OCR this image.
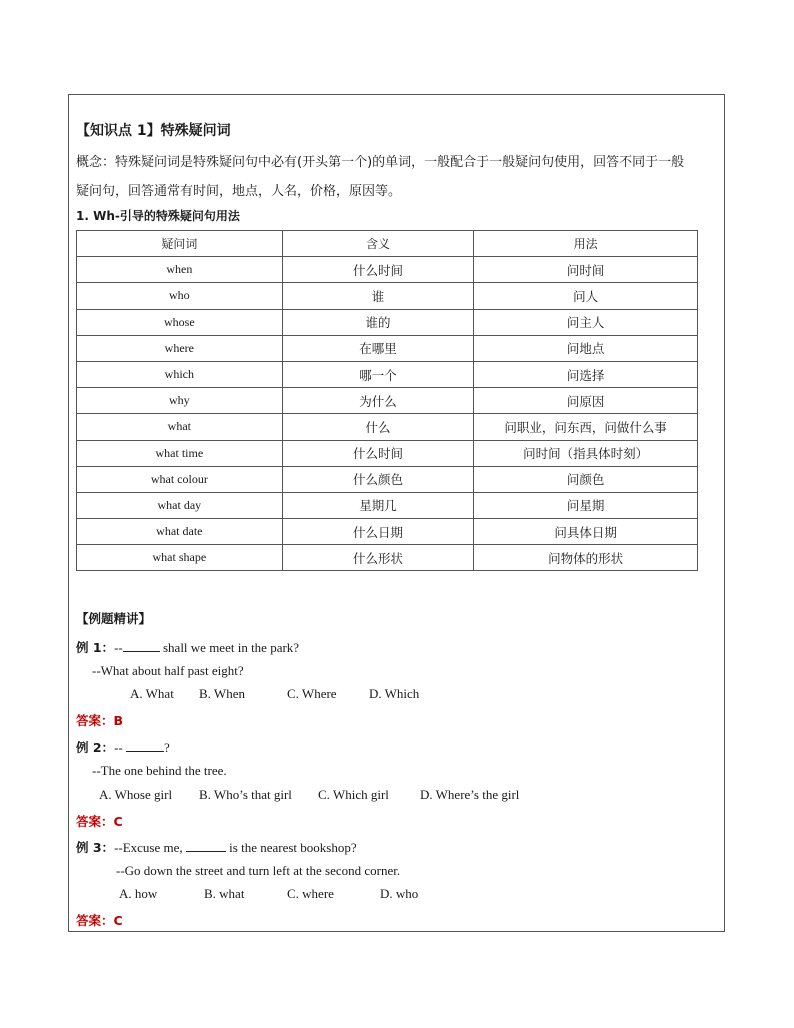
【知识点 1】特殊疑问词
概念：特殊疑问词是特殊疑问句中必有(开头第一个)的单词，一般配合于一般疑问句使用，回答不同于一般
疑问句，回答通常有时间，地点，人名，价格，原因等。
1. Wh-引导的特殊疑问句用法
疑问词	含义	用法
when	什么时间	问时间
who	谁	问人
whose	谁的	问主人
where	在哪里	问地点
which	哪一个	问选择
why	为什么	问原因
what	什么	问职业，问东西，问做什么事
what time	什么时间	问时间（指具体时刻）
what colour	什么颜色	问颜色
what day	星期几	问星期
what date	什么日期	问具体日期
what shape	什么形状	问物体的形状
【例题精讲】
例 1：--	shall we meet in the park?
--What about half past eight?
A. What B. When	C. Where D. Which
答案：B
例 2：--	?
--The one behind the tree.
A. Whose girl B. Who’s that girl C. Which girl D. Where’s the girl
答案：C
例 3：--Excuse me,	is the nearest bookshop?
--Go down the street and turn left at the second corner.
A. how	B. what	C. where	D. who
答案：C
